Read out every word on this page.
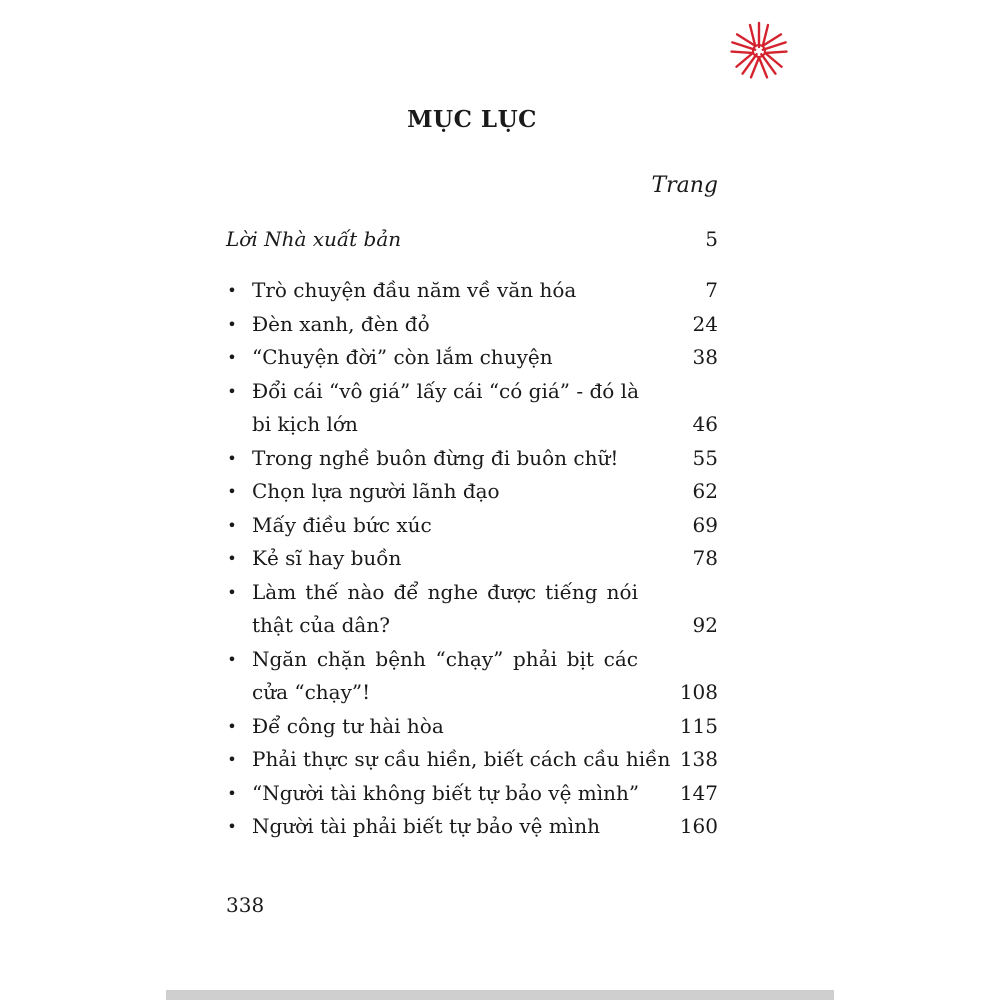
MỤC LỤC
Trang
Lời Nhà xuất bản	5
• Trò chuyện đầu năm về văn hóa	7
• Đèn xanh, đèn đỏ	24
• “Chuyện đời” còn lắm chuyện	38
• Đổi cái “vô giá” lấy cái “có giá” - đó là
bi kịch lớn	46
• Trong nghề buôn đừng đi buôn chữ!	55
• Chọn lựa người lãnh đạo	62
• Mấy điều bức xúc	69
• Kẻ sĩ hay buồn	78
• Làm thế nào để nghe được tiếng nói
thật của dân?	92
• Ngăn chặn bệnh “chạy” phải bịt các
cửa “chạy”!	108
• Để công tư hài hòa	115
• Phải thực sự cầu hiền, biết cách cầu hiền 138
• “Người tài không biết tự bảo vệ mình” 147
• Người tài phải biết tự bảo vệ mình	160
338
